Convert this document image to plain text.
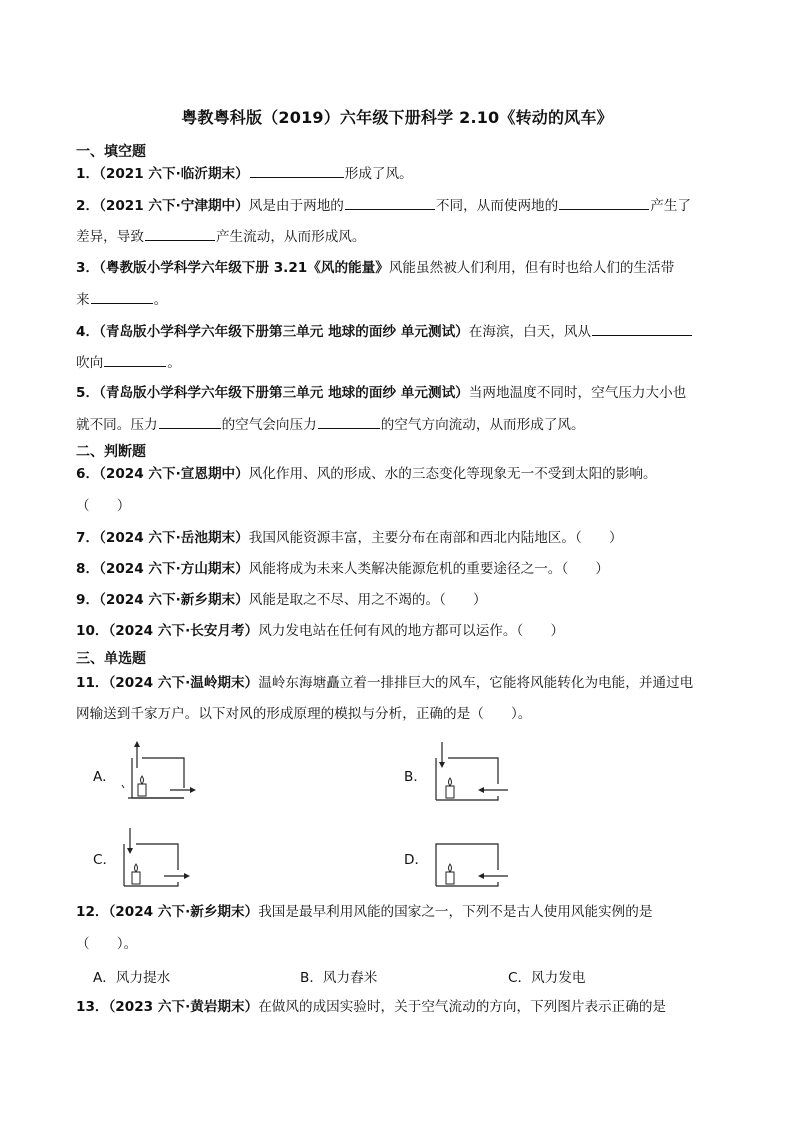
粤教粤科版（2019）六年级下册科学 2.10《转动的风车》
一、填空题
1．（2021 六下·临沂期末）	形成了风。
2．（2021 六下·宁津期中）风是由于两地的	不同，从而使两地的	产生了
差异，导致	产生流动，从而形成风。
3．（粤教版小学科学六年级下册 3.21《风的能量》风能虽然被人们利用，但有时也给人们的生活带
来	。
4．（青岛版小学科学六年级下册第三单元 地球的面纱 单元测试）在海滨，白天，风从
吹向	。
5．（青岛版小学科学六年级下册第三单元 地球的面纱 单元测试）当两地温度不同时，空气压力大小也
就不同。压力	的空气会向压力	的空气方向流动，从而形成了风。
二、判断题
6．（2024 六下·宣恩期中）风化作用、风的形成、水的三态变化等现象无一不受到太阳的影响。
（　　）
7．（2024 六下·岳池期末）我国风能资源丰富，主要分布在南部和西北内陆地区。（　　）
8．（2024 六下·方山期末）风能将成为未来人类解决能源危机的重要途径之一。（　　）
9．（2024 六下·新乡期末）风能是取之不尽、用之不竭的。（　　）
10．（2024 六下·长安月考）风力发电站在任何有风的地方都可以运作。（　　）
三、单选题
11．（2024 六下·温岭期末）温岭东海塘矗立着一排排巨大的风车，它能将风能转化为电能，并通过电
网输送到千家万户。以下对风的形成原理的模拟与分析，正确的是（　　）。
A．	B．
C．	D．
12．（2024 六下·新乡期末）我国是最早利用风能的国家之一，下列不是古人使用风能实例的是
（　　）。
A．风力提水	B．风力舂米	C．风力发电
13．（2023 六下·黄岩期末）在做风的成因实验时，关于空气流动的方向，下列图片表示正确的是
